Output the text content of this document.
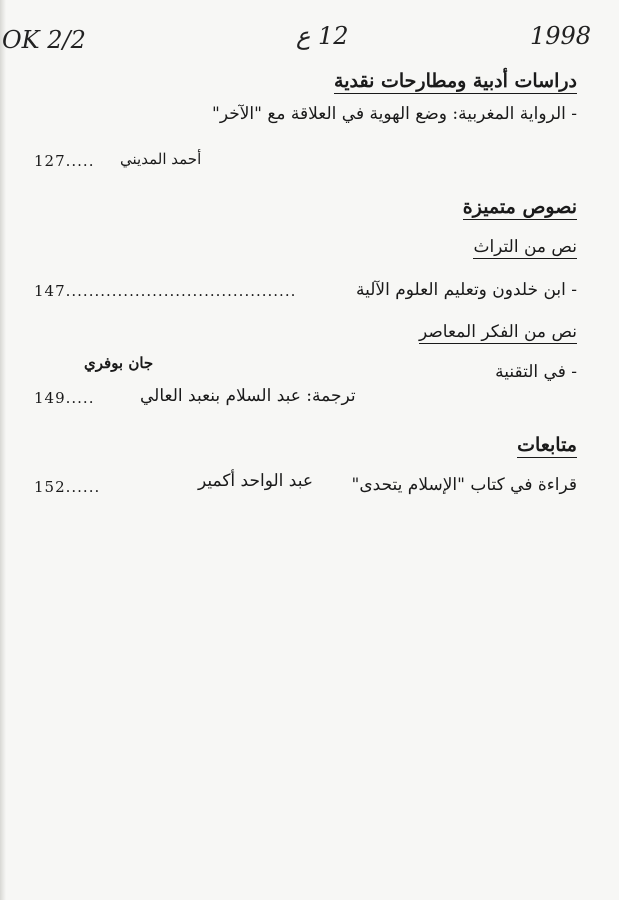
OK 2/2	12 ع	1998
دراسات أدبية ومطارحات نقدية
- الرواية المغربية: وضع الهوية في العلاقة مع "الآخر"
أحمد المديني
127.....
نصوص متميزة
نص من التراث
- ابن خلدون وتعليم العلوم الآلية
147........................................
نص من الفكر المعاصر
- في التقنية
جان بوفري
ترجمة: عبد السلام بنعبد العالي
149.....
متابعات
قراءة في كتاب "الإسلام يتحدى"
عبد الواحد أكمير
152......
